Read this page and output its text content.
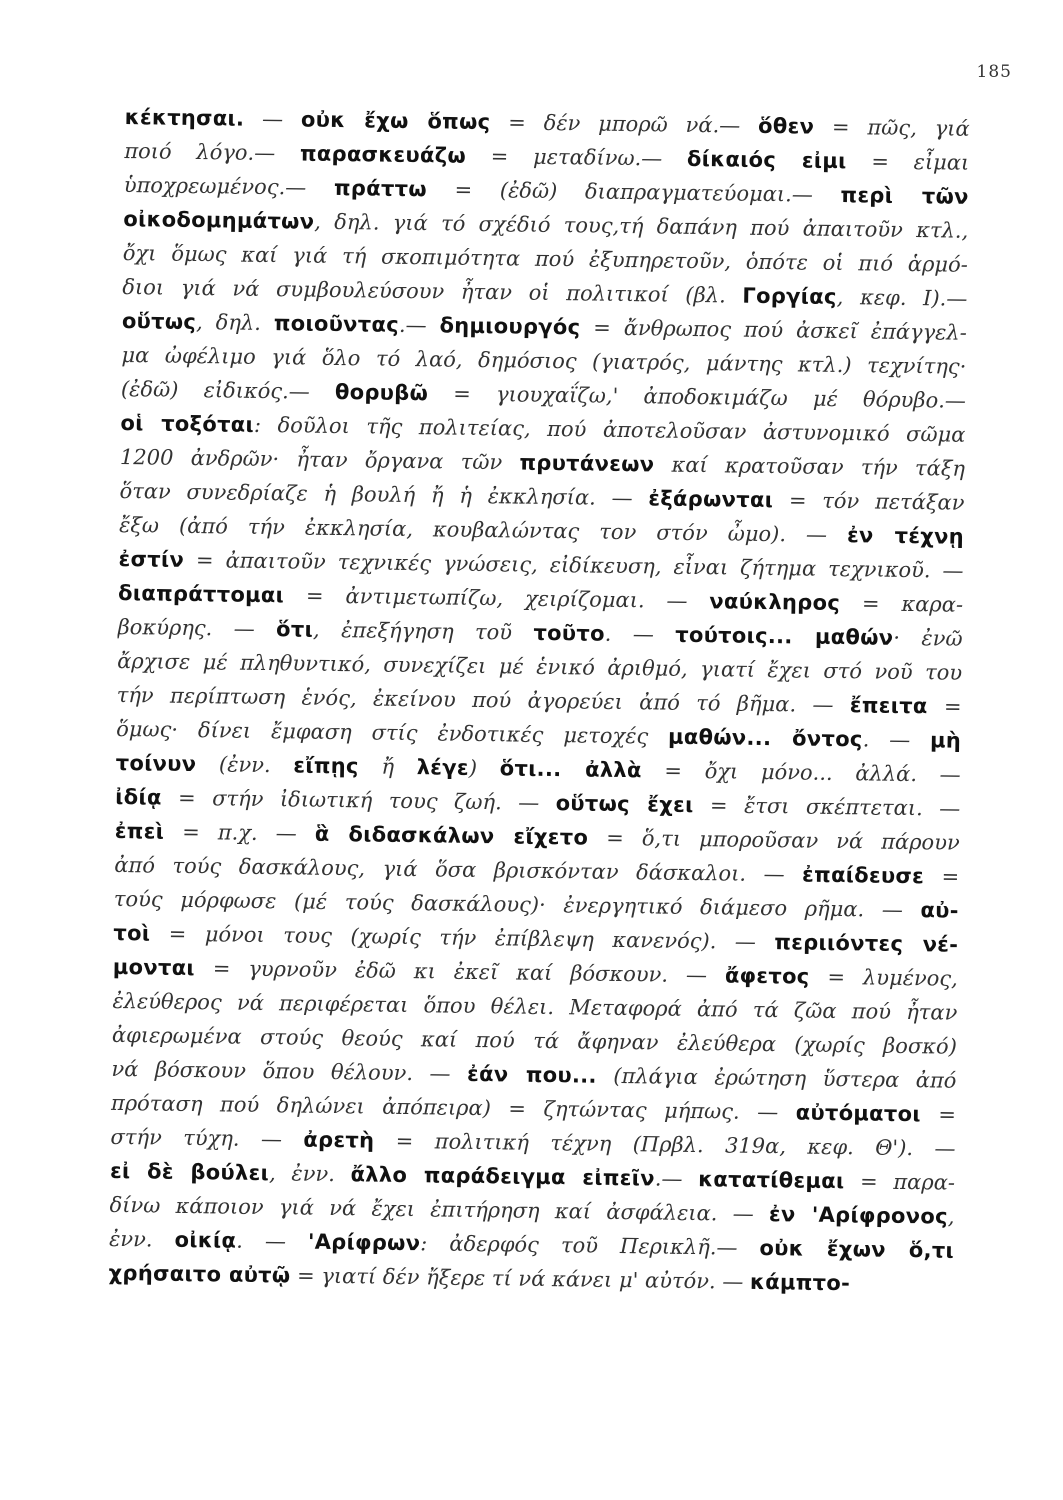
185
κέκτησαι. — οὐκ ἔχω ὅπως = δέν μπορῶ νά.— ὅθεν = πῶς, γιά
ποιό λόγο.— παρασκευάζω = μεταδίνω.— δίκαιός εἰμι = εἶμαι
ὑποχρεωμένος.— πράττω = (ἐδῶ) διαπραγματεύομαι.— περὶ τῶν
οἰκοδομημάτων, δηλ. γιά τό σχέδιό τους,τή δαπάνη πού ἀπαιτοῦν κτλ.,
ὄχι ὅμως καί γιά τή σκοπιμότητα πού ἐξυπηρετοῦν, ὁπότε οἱ πιό ἁρμό-
διοι γιά νά συμβουλεύσουν ἦταν οἱ πολιτικοί (βλ. Γοργίας, κεφ. I).—
οὕτως, δηλ. ποιοῦντας.— δημιουργός = ἄνθρωπος πού ἀσκεῖ ἐπάγγελ-
μα ὠφέλιμο γιά ὅλο τό λαό, δημόσιος (γιατρός, μάντης κτλ.) τεχνίτης·
(ἐδῶ) εἰδικός.— θορυβῶ = γιουχαΐζω,' ἀποδοκιμάζω μέ θόρυβο.—
οἱ τοξόται: δοῦλοι τῆς πολιτείας, πού ἀποτελοῦσαν ἀστυνομικό σῶμα
1200 ἀνδρῶν· ἦταν ὄργανα τῶν πρυτάνεων καί κρατοῦσαν τήν τάξη
ὅταν συνεδρίαζε ἡ βουλή ἤ ἡ ἐκκλησία. — ἐξάρωνται = τόν πετάξαν
ἔξω (ἀπό τήν ἐκκλησία, κουβαλώντας τον στόν ὦμο). — ἐν τέχνῃ
ἐστίν = ἀπαιτοῦν τεχνικές γνώσεις, εἰδίκευση, εἶναι ζήτημα τεχνικοῦ. —
διαπράττομαι = ἀντιμετωπίζω, χειρίζομαι. — ναύκληρος = καρα-
βοκύρης. — ὅτι, ἐπεξήγηση τοῦ τοῦτο. — τούτοις... μαθών· ἐνῶ
ἄρχισε μέ πληθυντικό, συνεχίζει μέ ἑνικό ἀριθμό, γιατί ἔχει στό νοῦ του
τήν περίπτωση ἑνός, ἐκείνου πού ἀγορεύει ἀπό τό βῆμα. — ἔπειτα =
ὅμως· δίνει ἔμφαση στίς ἐνδοτικές μετοχές μαθών... ὄντος. — μὴ
τοίνυν (ἐνν. εἴπῃς ἤ λέγε) ὅτι... ἀλλὰ = ὄχι μόνο... ἀλλά. —
ἰδίᾳ = στήν ἰδιωτική τους ζωή. — οὕτως ἔχει = ἔτσι σκέπτεται. —
ἐπεὶ = π.χ. — ἃ διδασκάλων εἴχετο = ὅ,τι μποροῦσαν νά πάρουν
ἀπό τούς δασκάλους, γιά ὅσα βρισκόνταν δάσκαλοι. — ἐπαίδευσε =
τούς μόρφωσε (μέ τούς δασκάλους)· ἐνεργητικό διάμεσο ρῆμα. — αὐ-
τοὶ = μόνοι τους (χωρίς τήν ἐπίβλεψη κανενός). — περιιόντες νέ-
μονται = γυρνοῦν ἐδῶ κι ἐκεῖ καί βόσκουν. — ἄφετος = λυμένος,
ἐλεύθερος νά περιφέρεται ὅπου θέλει. Μεταφορά ἀπό τά ζῶα πού ἦταν
ἀφιερωμένα στούς θεούς καί πού τά ἄφηναν ἐλεύθερα (χωρίς βοσκό)
νά βόσκουν ὅπου θέλουν. — ἐάν που... (πλάγια ἐρώτηση ὕστερα ἀπό
πρόταση πού δηλώνει ἀπόπειρα) = ζητώντας μήπως. — αὐτόματοι =
στήν τύχη. — ἀρετὴ = πολιτική τέχνη (Πρβλ. 319α, κεφ. Θ'). —
εἰ δὲ βούλει, ἐνν. ἄλλο παράδειγμα εἰπεῖν.— κατατίθεμαι = παρα-
δίνω κάποιον γιά νά ἔχει ἐπιτήρηση καί ἀσφάλεια. — ἐν 'Αρίφρονος,
ἐνν. οἰκίᾳ. — 'Αρίφρων: ἀδερφός τοῦ Περικλῆ.— οὐκ ἔχων ὅ,τι
χρήσαιτο αὐτῷ = γιατί δέν ἤξερε τί νά κάνει μ' αὐτόν. — κάμπτο-
